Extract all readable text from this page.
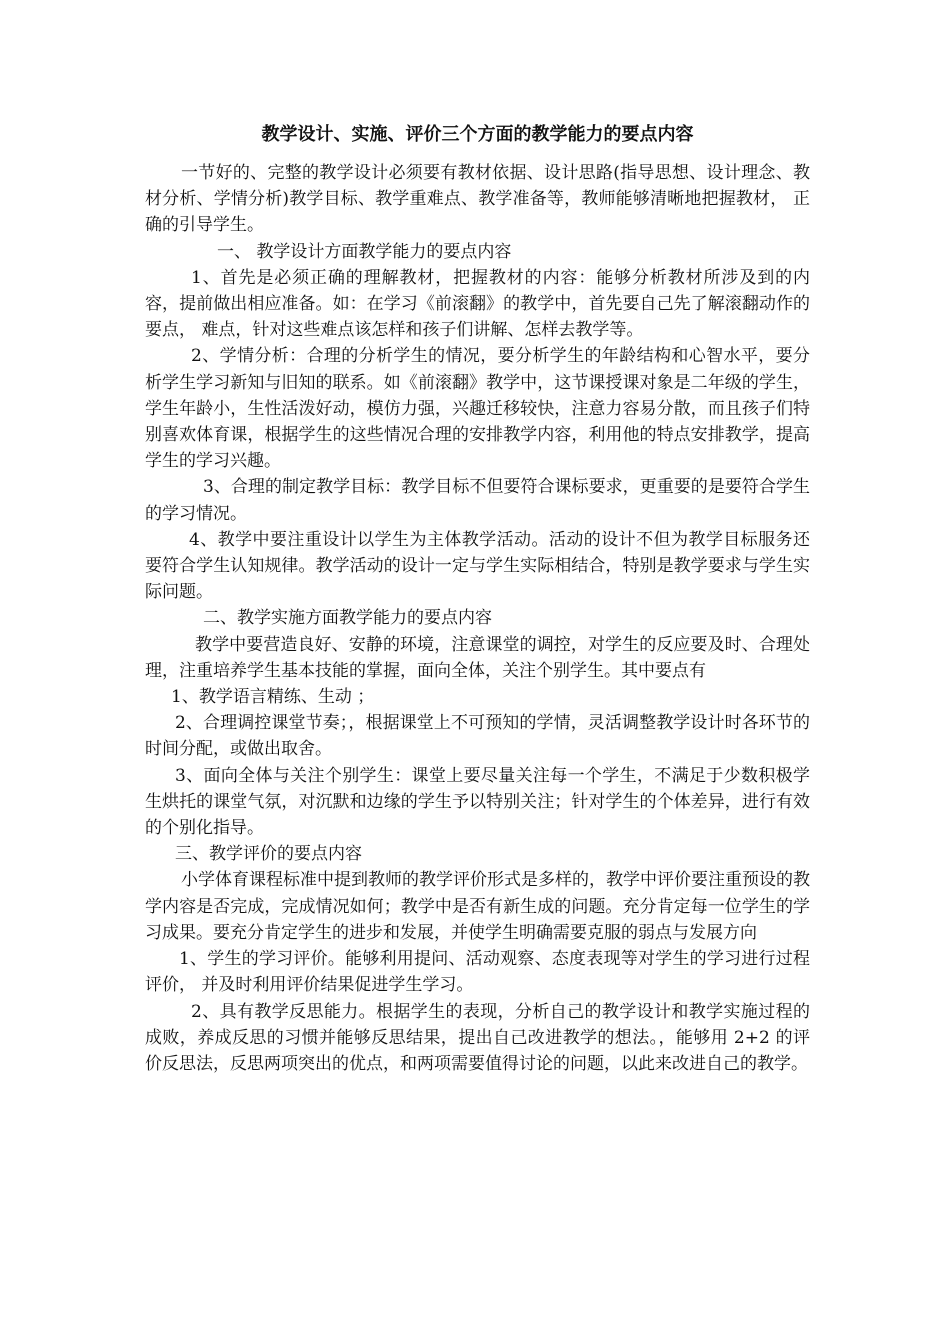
教学设计、实施、评价三个方面的教学能力的要点内容

一节好的、完整的教学设计必须要有教材依据、设计思路(指导思想、设计理念、教材分析、学情分析)教学目标、教学重难点、教学准备等，教师能够清晰地把握教材， 正确的引导学生。

一、 教学设计方面教学能力的要点内容

1、首先是必须正确的理解教材，把握教材的内容：能够分析教材所涉及到的内容，提前做出相应准备。如：在学习《前滚翻》的教学中，首先要自己先了解滚翻动作的要点， 难点，针对这些难点该怎样和孩子们讲解、怎样去教学等。

2、学情分析：合理的分析学生的情况，要分析学生的年龄结构和心智水平，要分析学生学习新知与旧知的联系。如《前滚翻》教学中，这节课授课对象是二年级的学生，学生年龄小，生性活泼好动，模仿力强，兴趣迁移较快，注意力容易分散，而且孩子们特别喜欢体育课，根据学生的这些情况合理的安排教学内容，利用他的特点安排教学，提高学生的学习兴趣。

3、合理的制定教学目标：教学目标不但要符合课标要求，更重要的是要符合学生的学习情况。

4、教学中要注重设计以学生为主体教学活动。活动的设计不但为教学目标服务还要符合学生认知规律。教学活动的设计一定与学生实际相结合，特别是教学要求与学生实际问题。

二、教学实施方面教学能力的要点内容

教学中要营造良好、安静的环境，注意课堂的调控，对学生的反应要及时、合理处理，注重培养学生基本技能的掌握，面向全体，关注个别学生。其中要点有

1、教学语言精练、生动 ；

2、合理调控课堂节奏；，根据课堂上不可预知的学情，灵活调整教学设计时各环节的时间分配，或做出取舍。

3、面向全体与关注个别学生：课堂上要尽量关注每一个学生，不满足于少数积极学生烘托的课堂气氛，对沉默和边缘的学生予以特别关注；针对学生的个体差异，进行有效的个别化指导。

三、教学评价的要点内容

小学体育课程标准中提到教师的教学评价形式是多样的，教学中评价要注重预设的教学内容是否完成，完成情况如何；教学中是否有新生成的问题。充分肯定每一位学生的学习成果。要充分肯定学生的进步和发展，并使学生明确需要克服的弱点与发展方向

1、学生的学习评价。能够利用提问、活动观察、态度表现等对学生的学习进行过程评价， 并及时利用评价结果促进学生学习。

2、具有教学反思能力。根据学生的表现，分析自己的教学设计和教学实施过程的成败，养成反思的习惯并能够反思结果，提出自己改进教学的想法。，能够用 2+2 的评价反思法，反思两项突出的优点，和两项需要值得讨论的问题，以此来改进自己的教学。
